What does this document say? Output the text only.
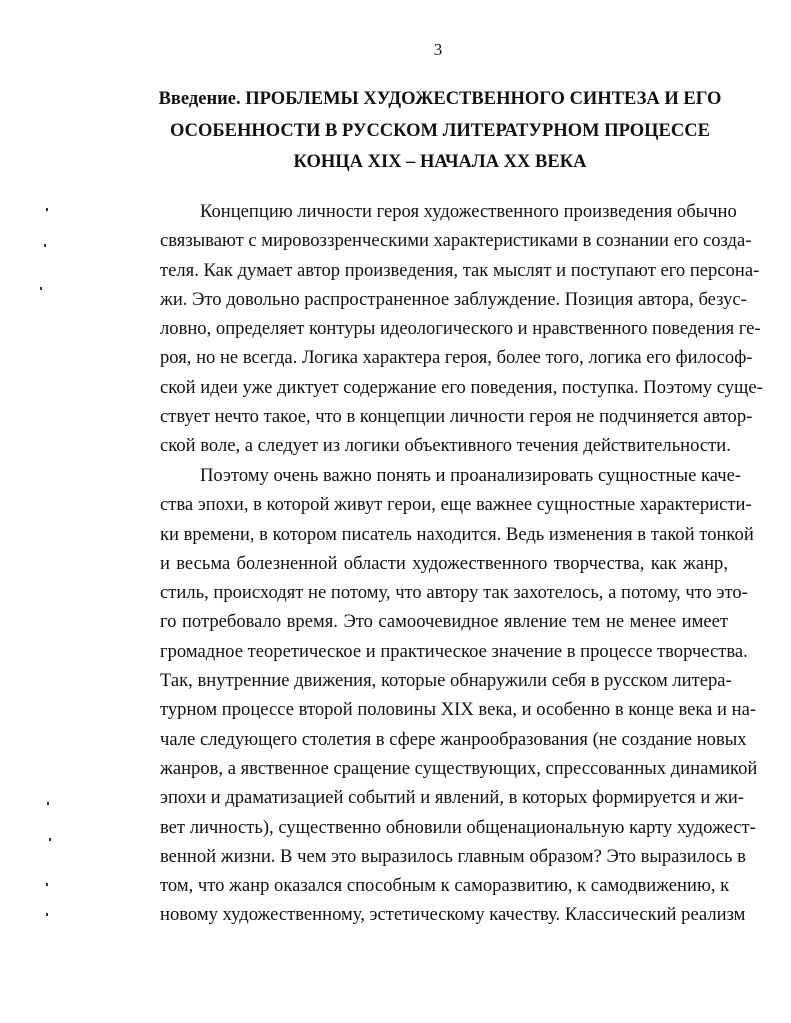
3
Введение. ПРОБЛЕМЫ ХУДОЖЕСТВЕННОГО СИНТЕЗА И ЕГО
ОСОБЕННОСТИ В РУССКОМ ЛИТЕРАТУРНОМ ПРОЦЕССЕ
КОНЦА XIX – НАЧАЛА XX ВЕКА
Концепцию личности героя художественного произведения обычно
связывают с мировоззренческими характеристиками в сознании его созда-
теля. Как думает автор произведения, так мыслят и поступают его персона-
жи. Это довольно распространенное заблуждение. Позиция автора, безус-
ловно, определяет контуры идеологического и нравственного поведения ге-
роя, но не всегда. Логика характера героя, более того, логика его философ-
ской идеи уже диктует содержание его поведения, поступка. Поэтому суще-
ствует нечто такое, что в концепции личности героя не подчиняется автор-
ской воле, а следует из логики объективного течения действительности.
Поэтому очень важно понять и проанализировать сущностные каче-
ства эпохи, в которой живут герои, еще важнее сущностные характеристи-
ки времени, в котором писатель находится. Ведь изменения в такой тонкой
и весьма болезненной области художественного творчества, как жанр,
стиль, происходят не потому, что автору так захотелось, а потому, что это-
го потребовало время. Это самоочевидное явление тем не менее имеет
громадное теоретическое и практическое значение в процессе творчества.
Так, внутренние движения, которые обнаружили себя в русском литера-
турном процессе второй половины XIX века, и особенно в конце века и на-
чале следующего столетия в сфере жанрообразования (не создание новых
жанров, а явственное сращение существующих, спрессованных динамикой
эпохи и драматизацией событий и явлений, в которых формируется и жи-
вет личность), существенно обновили общенациональную карту художест-
венной жизни. В чем это выразилось главным образом? Это выразилось в
том, что жанр оказался способным к саморазвитию, к самодвижению, к
новому художественному, эстетическому качеству. Классический реализм
